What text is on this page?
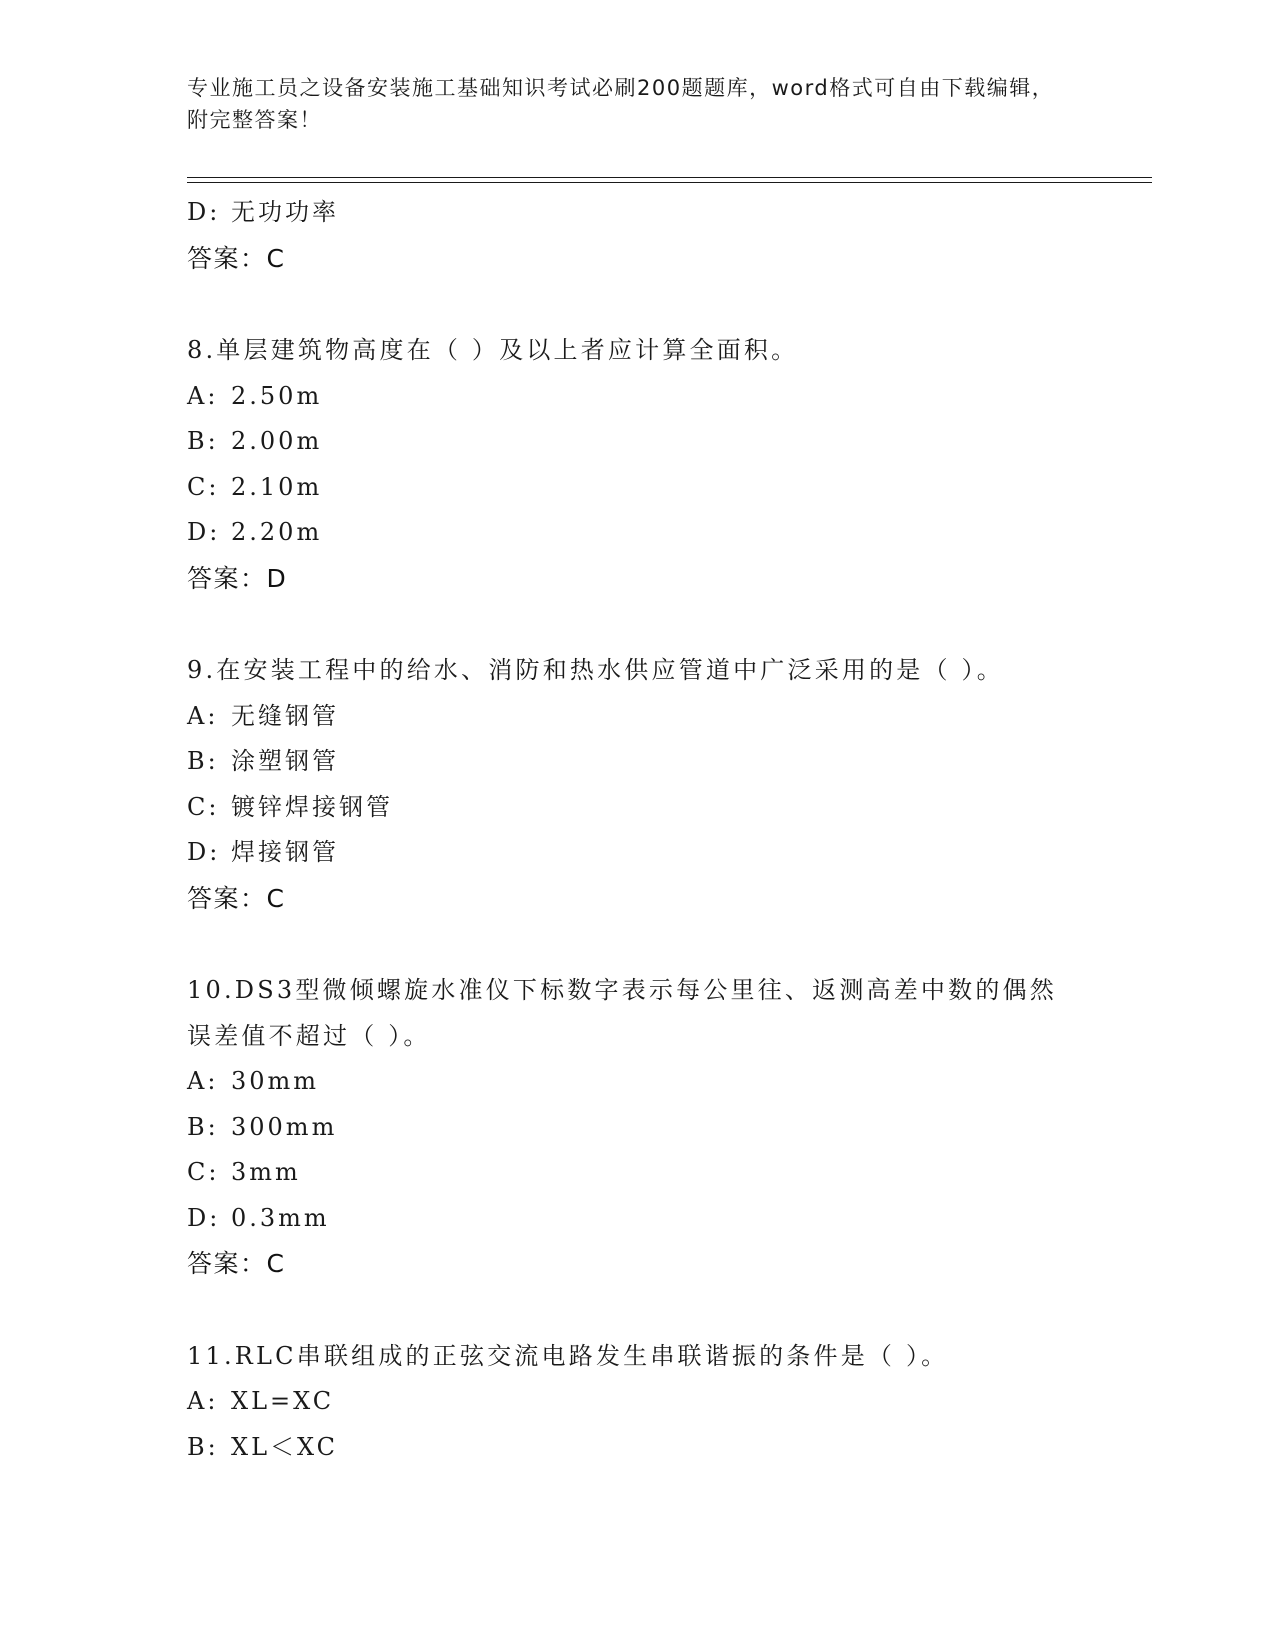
专业施工员之设备安装施工基础知识考试必刷200题题库，word格式可自由下载编辑，附完整答案！
D: 无功功率
答案：C
8.单层建筑物高度在（ ）及以上者应计算全面积。
A: 2.50m
B: 2.00m
C: 2.10m
D: 2.20m
答案：D
9.在安装工程中的给水、消防和热水供应管道中广泛采用的是（ ）。
A: 无缝钢管
B: 涂塑钢管
C: 镀锌焊接钢管
D: 焊接钢管
答案：C
10.DS3型微倾螺旋水准仪下标数字表示每公里往、返测高差中数的偶然误差值不超过（ ）。
A: 30mm
B: 300mm
C: 3mm
D: 0.3mm
答案：C
11.RLC串联组成的正弦交流电路发生串联谐振的条件是（ ）。
A: XL=XC
B: XL＜XC
